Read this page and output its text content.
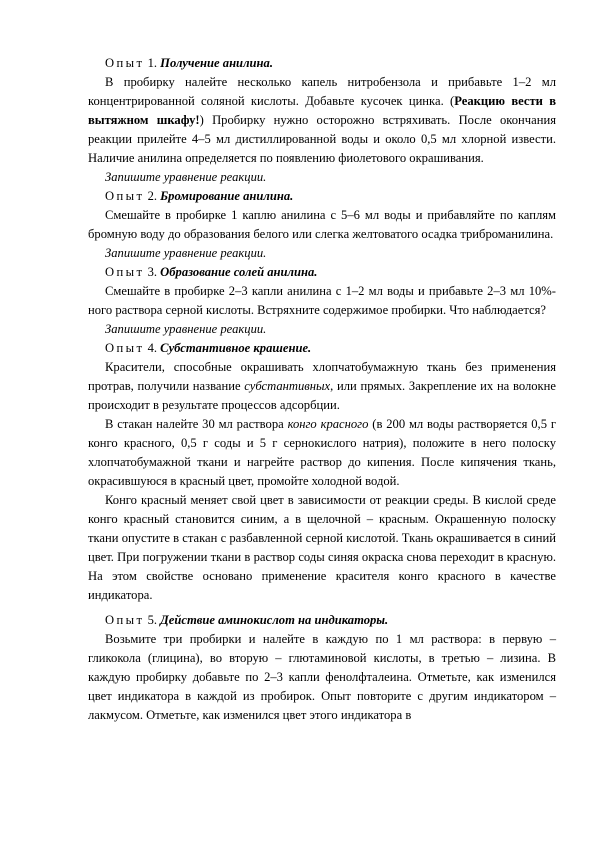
Опыт 1. Получение анилина.

В пробирку налейте несколько капель нитробензола и прибавьте 1–2 мл концентрированной соляной кислоты. Добавьте кусочек цинка. (Реакцию вести в вытяжном шкафу!) Пробирку нужно осторожно встряхивать. После окончания реакции прилейте 4–5 мл дистиллированной воды и около 0,5 мл хлорной извести. Наличие анилина определяется по появлению фиолетового окрашивания.

Запишите уравнение реакции.

Опыт 2. Бромирование анилина.

Смешайте в пробирке 1 каплю анилина с 5–6 мл воды и прибавляйте по каплям бромную воду до образования белого или слегка желтоватого осадка триброманилина.

Запишите уравнение реакции.

Опыт 3. Образование солей анилина.

Смешайте в пробирке 2–3 капли анилина с 1–2 мл воды и прибавьте 2–3 мл 10%-ного раствора серной кислоты. Встряхните содержимое пробирки. Что наблюдается?

Запишите уравнение реакции.

Опыт 4. Субстантивное крашение.

Красители, способные окрашивать хлопчатобумажную ткань без применения протрав, получили название субстантивных, или прямых. Закрепление их на волокне происходит в результате процессов адсорбции.

В стакан налейте 30 мл раствора конго красного (в 200 мл воды растворяется 0,5 г конго красного, 0,5 г соды и 5 г сернокислого натрия), положите в него полоску хлопчатобумажной ткани и нагрейте раствор до кипения. После кипячения ткань, окрасившуюся в красный цвет, промойте холодной водой.

Конго красный меняет свой цвет в зависимости от реакции среды. В кислой среде конго красный становится синим, а в щелочной – красным. Окрашенную полоску ткани опустите в стакан с разбавленной серной кислотой. Ткань окрашивается в синий цвет. При погружении ткани в раствор соды синяя окраска снова переходит в красную. На этом свойстве основано применение красителя конго красного в качестве индикатора.

Опыт 5. Действие аминокислот на индикаторы.

Возьмите три пробирки и налейте в каждую по 1 мл раствора: в первую – гликокола (глицина), во вторую – глютаминовой кислоты, в третью – лизина. В каждую пробирку добавьте по 2–3 капли фенолфталеина. Отметьте, как изменился цвет индикатора в каждой из пробирок. Опыт повторите с другим индикатором – лакмусом. Отметьте, как изменился цвет этого индикатора в
